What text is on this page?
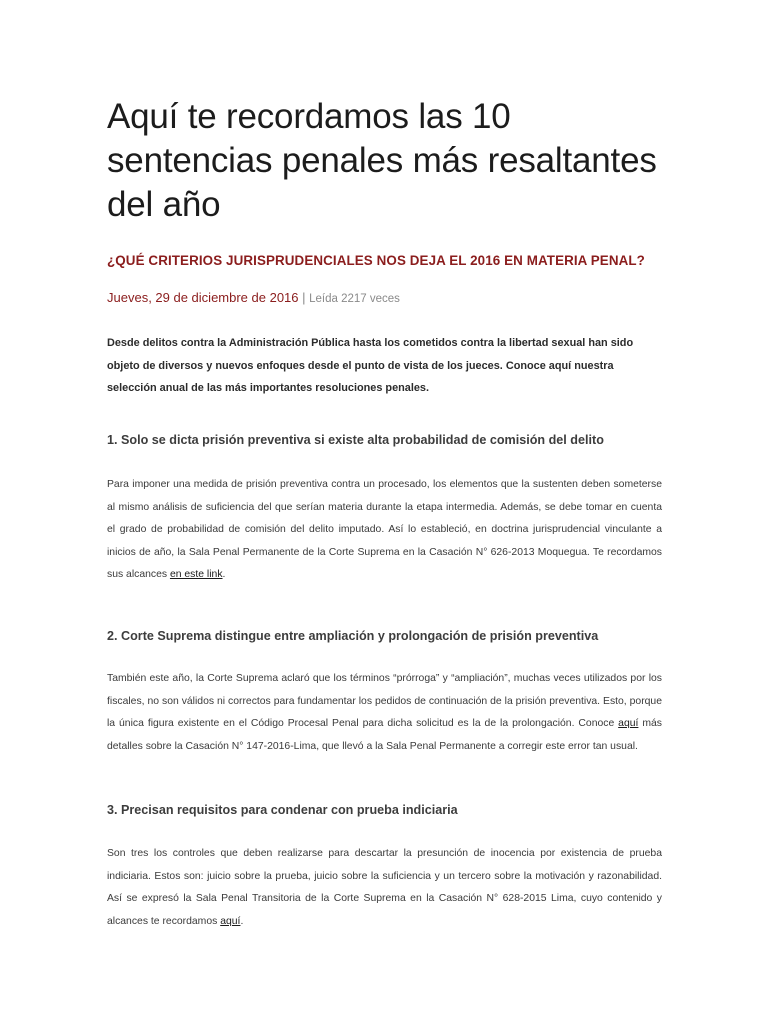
Aquí te recordamos las 10 sentencias penales más resaltantes del año
¿QUÉ CRITERIOS JURISPRUDENCIALES NOS DEJA EL 2016 EN MATERIA PENAL?
Jueves, 29 de diciembre de 2016 | Leída 2217 veces

Desde delitos contra la Administración Pública hasta los cometidos contra la libertad sexual han sido objeto de diversos y nuevos enfoques desde el punto de vista de los jueces. Conoce aquí nuestra selección anual de las más importantes resoluciones penales.

1. Solo se dicta prisión preventiva si existe alta probabilidad de comisión del delito

Para imponer una medida de prisión preventiva contra un procesado, los elementos que la sustenten deben someterse al mismo análisis de suficiencia del que serían materia durante la etapa intermedia. Además, se debe tomar en cuenta el grado de probabilidad de comisión del delito imputado. Así lo estableció, en doctrina jurisprudencial vinculante a inicios de año, la Sala Penal Permanente de la Corte Suprema en la Casación N° 626-2013 Moquegua. Te recordamos sus alcances en este link.

2. Corte Suprema distingue entre ampliación y prolongación de prisión preventiva

También este año, la Corte Suprema aclaró que los términos “prórroga” y “ampliación”, muchas veces utilizados por los fiscales, no son válidos ni correctos para fundamentar los pedidos de continuación de la prisión preventiva. Esto, porque la única figura existente en el Código Procesal Penal para dicha solicitud es la de la prolongación. Conoce aquí más detalles sobre la Casación N° 147-2016-Lima, que llevó a la Sala Penal Permanente a corregir este error tan usual.

3. Precisan requisitos para condenar con prueba indiciaria

Son tres los controles que deben realizarse para descartar la presunción de inocencia por existencia de prueba indiciaria. Estos son: juicio sobre la prueba, juicio sobre la suficiencia y un tercero sobre la motivación y razonabilidad. Así se expresó la Sala Penal Transitoria de la Corte Suprema en la Casación N° 628-2015 Lima, cuyo contenido y alcances te recordamos aquí.
